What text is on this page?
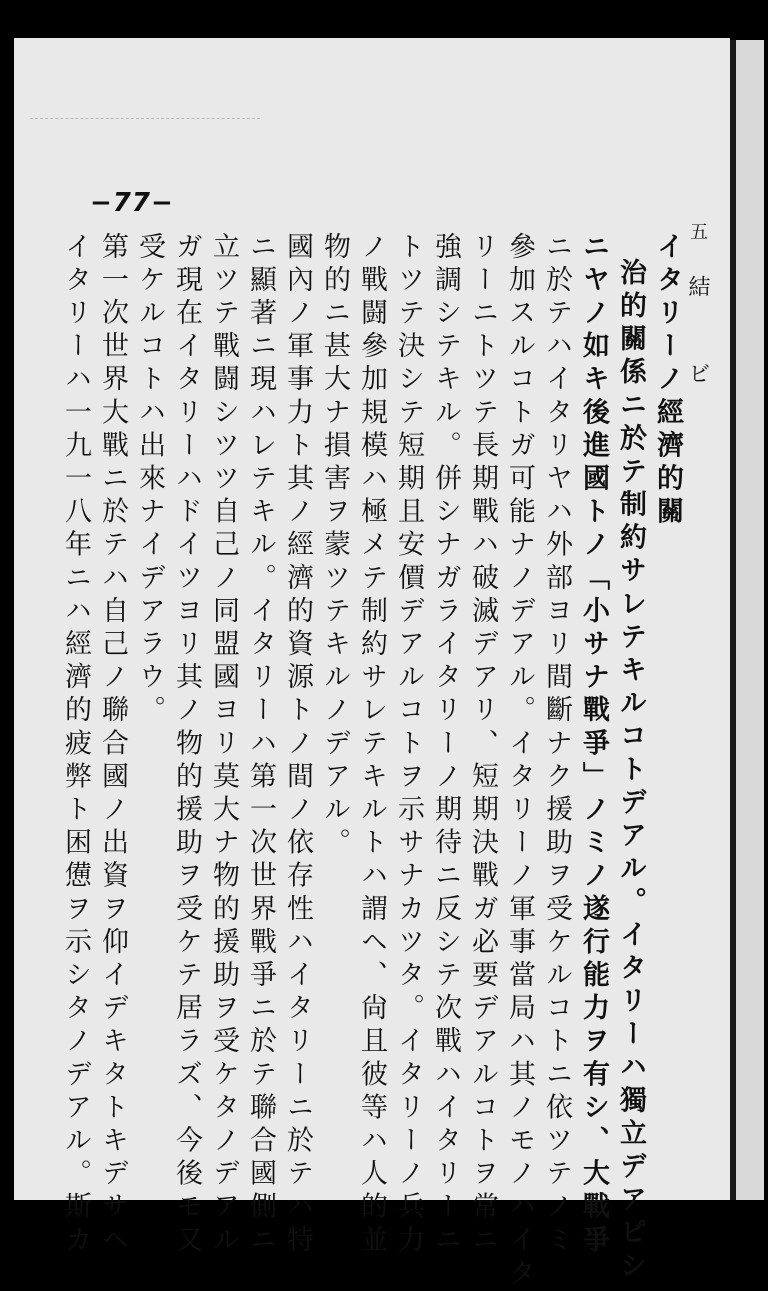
−77−
五
結 ビ
イタリーノ經濟的關
治的關係ニ於テ制約サレテキルコトデアル。イタリーハ獨立デアピシ
ニヤノ如キ後進國トノ「小サナ戰爭」ノミノ遂行能力ヲ有シ、大戰爭
ニ於テハイタリヤハ外部ヨリ間斷ナク援助ヲ受ケルコトニ依ツテノミ
參加スルコトガ可能ナノデアル。イタリーノ軍事當局ハ其ノモノハイタ
リーニトツテ長期戰ハ破滅デアリ、短期決戰ガ必要デアルコトヲ常ニ
強調シテキル。併シナガライタリーノ期待ニ反シテ次戰ハイタリーニ
トツテ決シテ短期且安價デアルコトヲ示サナカツタ。イタリーノ兵力
ノ戰闘參加規模ハ極メテ制約サレテキルトハ謂ヘ、尙且彼等ハ人的並
物的ニ甚大ナ損害ヲ蒙ツテキルノデアル。
國內ノ軍事力ト其ノ經濟的資源トノ間ノ依存性ハイタリーニ於テハ特
ニ顯著ニ現ハレテキル。イタリーハ第一次世界戰爭ニ於テ聯合國側ニ
立ツテ戰闘シツツ自己ノ同盟國ヨリ莫大ナ物的援助ヲ受ケタノデアル
ガ現在イタリーハドイツヨリ其ノ物的援助ヲ受ケテ居ラズ、今後モ又
受ケルコトハ出來ナイデアラウ。
第一次世界大戰ニ於テハ自己ノ聯合國ノ出資ヲ仰イデキタトキデサヘ
イタリーハ一九一八年ニハ經濟的疲弊ト困憊ヲ示シタノデアル。斯カ
